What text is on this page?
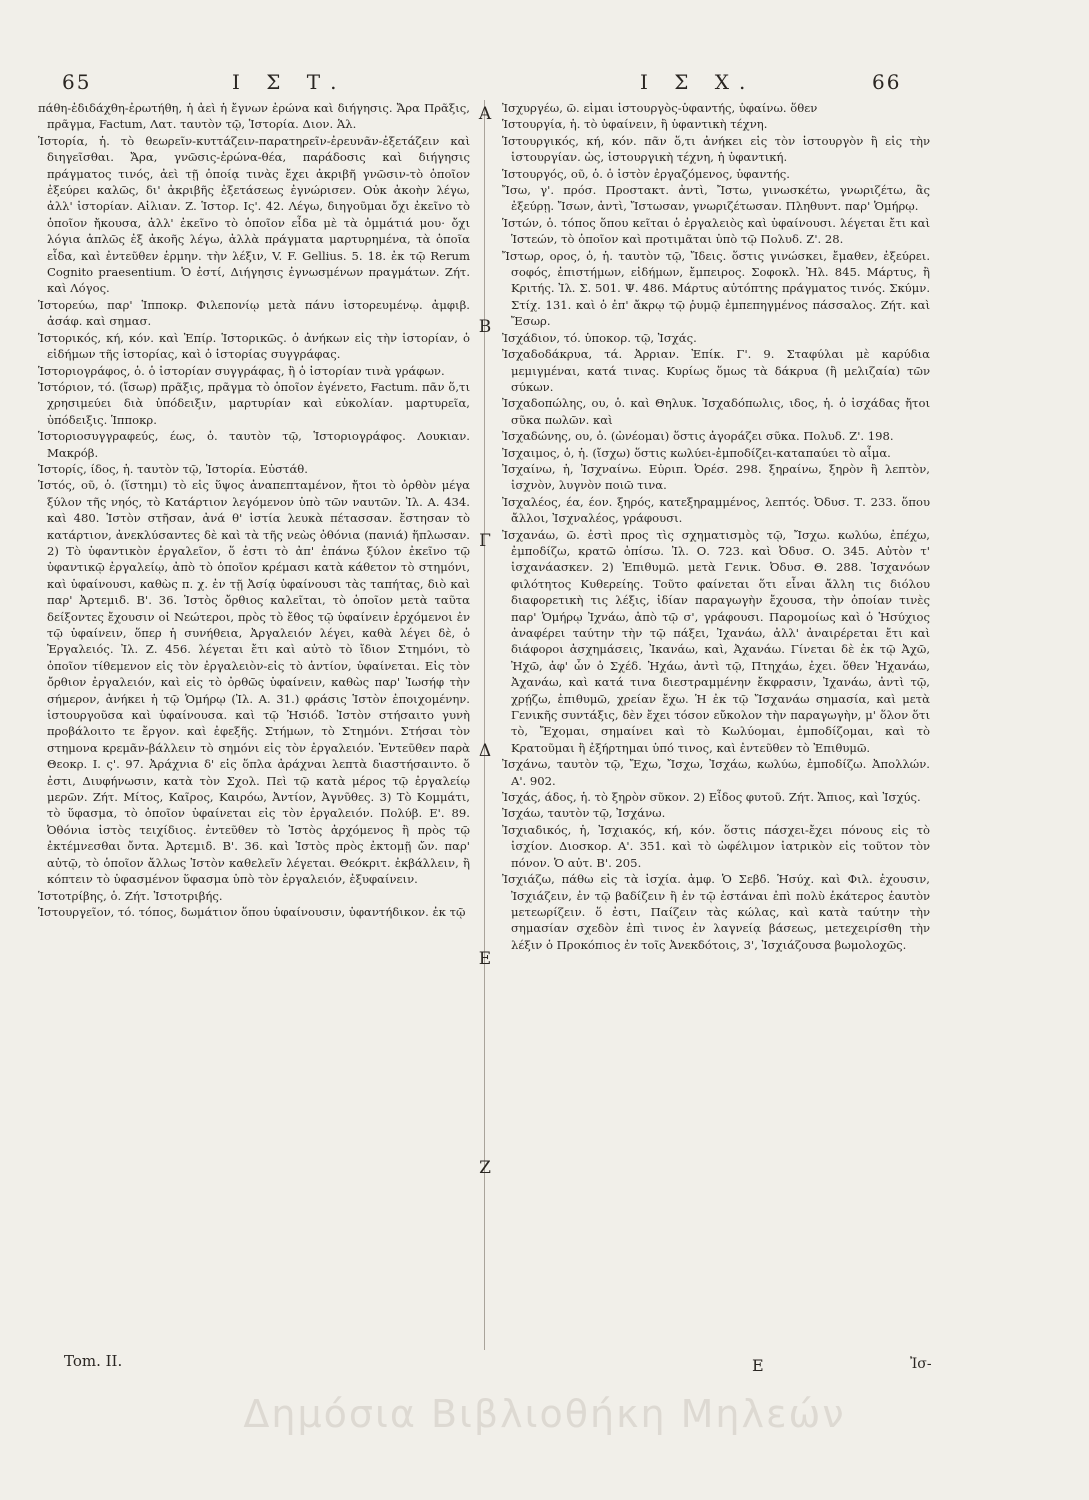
65	Ι Σ Τ.	Ι Σ Χ.	66

πάθη-ἐδιδάχθη-ἐρωτήθη, ἡ ἀεὶ ἡ ἔγνων ἐρώνα καὶ διήγησις. Ἄρα Πρᾶξις, πρᾶγμα, Factum, Λατ. ταυτὸν τῷ, Ἱστορία. Διον. Ἁλ.

Ἱστορία, ἡ. τὸ θεωρεῖν-κυττάζειν-παρατηρεῖν-ἐρευνᾶν-ἐξετάζειν καὶ διηγεῖσθαι. Ἄρα, γνῶσις-ἐρώνα-θέα, παράδοσις καὶ διήγησις πράγματος τινός, ἀεὶ τῇ ὁποίᾳ τινὰς ἔχει ἀκριβῆ γνῶσιν-τὸ ὁποῖον ἐξεύρει καλῶς, δι' ἀκριβῆς ἐξετάσεως ἐγνώρισεν. Οὐκ ἀκοὴν λέγω, ἀλλ' ἱστορίαν. Αἰλιαν. Ζ. Ἱστορ. Ις'. 42. Λέγω, διηγοῦμαι ὄχι ἐκεῖνο τὸ ὁποῖον ἤκουσα, ἀλλ' ἐκεῖνο τὸ ὁποῖον εἶδα μὲ τὰ ὀμμάτιά μου· ὄχι λόγια ἁπλῶς ἐξ ἀκοῆς λέγω, ἀλλὰ πράγματα μαρτυρημένα, τὰ ὁποῖα εἶδα, καὶ ἐντεῦθεν ἑρμην. τὴν λέξιν, V. F. Gellius. 5. 18. ἐκ τῷ Rerum Cognito praesentium. Ὁ ἐστί, Διήγησις ἐγνωσμένων πραγμάτων. Ζήτ. καὶ Λόγος.

Ἱστορεύω, παρ' Ἱπποκρ. Φιλεπονίῳ μετὰ πάνυ ἱστορευμένῳ. ἀμφιβ. ἀσάφ. καὶ σημασ.

Ἱστορικός, κή, κόν. καὶ Ἐπίρ. Ἱστορικῶς. ὁ ἀνήκων εἰς τὴν ἱστορίαν, ὁ εἰδήμων τῆς ἱστορίας, καὶ ὁ ἱστορίας συγγράφας.

Ἱστοριογράφος, ὁ. ὁ ἱστορίαν συγγράφας, ἢ ὁ ἱστορίαν τινὰ γράφων.

Ἱστόριον, τό. (ἴσωρ) πρᾶξις, πρᾶγμα τὸ ὁποῖον ἐγένετο, Factum. πᾶν ὅ,τι χρησιμεύει διὰ ὑπόδειξιν, μαρτυρίαν καὶ εὐκολίαν. μαρτυρεῖα, ὑπόδειξις. Ἱπποκρ.

Ἱστοριοσυγγραφεύς, έως, ὁ. ταυτὸν τῷ, Ἱστοριογράφος. Λουκιαν. Μακρόβ.

Ἱστορίς, ίδος, ἡ. ταυτὸν τῷ, Ἱστορία. Εὐστάθ.

Ἱστός, οῦ, ὁ. (ἵστημι) τὸ εἰς ὕψος ἀναπεπταμένον, ἤτοι τὸ ὀρθὸν μέγα ξύλον τῆς νηός, τὸ Κατάρτιον λεγόμενον ὑπὸ τῶν ναυτῶν. Ἰλ. Α. 434. καὶ 480. Ἱστὸν στῆσαν, ἀνά θ' ἱστία λευκὰ πέτασσαν. ἔστησαν τὸ κατάρτιον, ἀνεκλύσαντες δὲ καὶ τὰ τῆς νεὼς ὀθόνια (πανιά) ἥπλωσαν. 2) Τὸ ὑφαντικὸν ἐργαλεῖον, ὅ ἐστι τὸ ἀπ' ἐπάνω ξύλον ἐκεῖνο τῷ ὑφαντικῷ ἐργαλείῳ, ἀπὸ τὸ ὁποῖον κρέμασι κατὰ κάθετον τὸ στημόνι, καὶ ὑφαίνουσι, καθὼς π. χ. ἐν τῇ Ἀσίᾳ ὑφαίνουσι τὰς ταπήτας, διὸ καὶ παρ' Ἀρτεμιδ. Β'. 36. Ἱστὸς ὄρθιος καλεῖται, τὸ ὁποῖον μετὰ ταῦτα δείξοντες ἔχουσιν οἱ Νεώτεροι, πρὸς τὸ ἔθος τῷ ὑφαίνειν ἐρχόμενοι ἐν τῷ ὑφαίνειν, ὅπερ ἡ συνήθεια, Ἀργαλειόν λέγει, καθὰ λέγει δὲ, ὁ Ἐργαλειός. Ἰλ. Ζ. 456. λέγεται ἔτι καὶ αὐτὸ τὸ ἴδιον Στημόνι, τὸ ὁποῖον τίθεμενον εἰς τὸν ἐργαλειὸν-εἰς τὸ ἀντίον, ὑφαίνεται. Εἰς τὸν ὄρθιον ἐργαλειόν, καὶ εἰς τὸ ὀρθῶς ὑφαίνειν, καθὼς παρ' Ἰωσήφ τὴν σήμερον, ἀνήκει ἡ τῷ Ὁμήρῳ (Ἰλ. Α. 31.) φράσις Ἱστὸν ἐποιχομένην. ἱστουργοῦσα καὶ ὑφαίνουσα. καὶ τῷ Ἡσιόδ. Ἱστὸν στήσαιτο γυνὴ προβάλοιτο τε ἔργον. καὶ ἐφεξῆς. Στήμων, τὸ Στημόνι. Στήσαι τὸν στημονα κρεμᾶν-βάλλειν τὸ σημόνι εἰς τὸν ἐργαλειόν. Ἐντεῦθεν παρὰ Θεοκρ. Ι. ς'. 97. Ἀράχνια δ' εἰς ὅπλα ἀράχναι λεπτὰ διαστήσαιντο. ὅ ἐστι, Διυφήνωσιν, κατὰ τὸν Σχολ. Πεὶ τῷ κατὰ μέρος τῷ ἐργαλείῳ μερῶν. Ζήτ. Μίτος, Καῖρος, Καιρόω, Ἀντίον, Ἀγνῦθες. 3) Τὸ Κομμάτι, τὸ ὕφασμα, τὸ ὁποῖον ὑφαίνεται εἰς τὸν ἐργαλειόν. Πολύβ. Ε'. 89. Ὀθόνια ἱστὸς τειχίδιος. ἐντεῦθεν τὸ Ἱστὸς ἀρχόμενος ἢ πρὸς τῷ ἐκτέμνεσθαι ὄντα. Ἀρτεμιδ. Β'. 36. καὶ Ἱστὸς πρὸς ἐκτομῇ ὤν. παρ' αὐτῷ, τὸ ὁποῖον ἄλλως Ἱστὸν καθελεῖν λέγεται. Θεόκριτ. ἐκβάλλειν, ἢ κόπτειν τὸ ὑφασμένον ὕφασμα ὑπὸ τὸν ἐργαλειόν, ἐξυφαίνειν.

Ἱστοτρίβης, ὁ. Ζήτ. Ἱστοτριβής.

Ἱστουργεῖον, τό. τόπος, δωμάτιον ὅπου ὑφαίνουσιν, ὑφαντήδικον. ἐκ τῷ

Ἰσχυργέω, ῶ. εἰμαι ἱστουργὸς-ὑφαντής, ὑφαίνω. ὅθεν

Ἱστουργία, ἡ. τὸ ὑφαίνειν, ἢ ὑφαντικὴ τέχνη.

Ἱστουργικός, κή, κόν. πᾶν ὅ,τι ἀνήκει εἰς τὸν ἱστουργὸν ἢ εἰς τὴν ἱστουργίαν. ὡς, ἱστουργικὴ τέχνη, ἡ ὑφαντική.

Ἱστουργός, οῦ, ὁ. ὁ ἱστὸν ἐργαζόμενος, ὑφαντής.

Ἴσω, γ'. πρόσ. Προστακτ. ἀντὶ, Ἴστω, γινωσκέτω, γνωριζέτω, ἂς ἐξεύρῃ. Ἴσων, ἀντὶ, Ἴστωσαν, γνωριζέτωσαν. Πληθυντ. παρ' Ὁμήρῳ.

Ἱστών, ὁ. τόπος ὅπου κεῖται ὁ ἐργαλειὸς καὶ ὑφαίνουσι. λέγεται ἔτι καὶ Ἱστεών, τὸ ὁποῖον καὶ προτιμᾶται ὑπὸ τῷ Πολυδ. Ζ'. 28.

Ἴστωρ, ορος, ὁ, ἡ. ταυτὸν τῷ, Ἴδεις. ὅστις γινώσκει, ἔμαθεν, ἐξεύρει. σοφός, ἐπιστήμων, εἰδήμων, ἔμπειρος. Σοφοκλ. Ἠλ. 845. Μάρτυς, ἢ Κριτής. Ἰλ. Σ. 501. Ψ. 486. Μάρτυς αὐτόπτης πράγματος τινός. Σκύμν. Στίχ. 131. καὶ ὁ ἐπ' ἄκρῳ τῷ ῥυμῷ ἐμπεπηγμένος πάσσαλος. Ζήτ. καὶ Ἔσωρ.

Ἰσχάδιον, τό. ὑποκορ. τῷ, Ἰσχάς.

Ἰσχαδοδάκρυα, τά. Ἀρριαν. Ἐπίκ. Γ'. 9. Σταφύλαι μὲ καρύδια μεμιγμέναι, κατά τινας. Κυρίως ὅμως τὰ δάκρυα (ἢ μελιζαία) τῶν σύκων.

Ἰσχαδοπώλης, ου, ὁ. καὶ Θηλυκ. Ἰσχαδόπωλις, ιδος, ἡ. ὁ ἰσχάδας ἤτοι σῦκα πωλῶν. καὶ

Ἰσχαδώνης, ου, ὁ. (ὠνέομαι) ὅστις ἀγοράζει σῦκα. Πολυδ. Ζ'. 198.

Ἰσχαιμος, ὁ, ἡ. (ἴσχω) ὅστις κωλύει-ἐμποδίζει-καταπαύει τὸ αἷμα.

Ἰσχαίνω, ἡ, Ἰσχναίνω. Εὐριπ. Ὀρέσ. 298. ξηραίνω, ξηρὸν ἢ λεπτὸν, ἰσχνὸν, λυγνὸν ποιῶ τινα.

Ἰσχαλέος, έα, έον. ξηρός, κατεξηραμμένος, λεπτός. Ὀδυσ. Τ. 233. ὅπου ἄλλοι, Ἰσχναλέος, γράφουσι.

Ἰσχανάω, ῶ. ἐστὶ προς τὶς σχηματισμὸς τῷ, Ἴσχω. κωλύω, ἐπέχω, ἐμποδίζω, κρατῶ ὀπίσω. Ἰλ. Ο. 723. καὶ Ὀδυσ. Ο. 345. Αὐτὸν τ' ἰσχανάασκεν. 2) Ἐπιθυμῶ. μετὰ Γενικ. Ὀδυσ. Θ. 288. Ἰσχανόων φιλότητος Κυθερείης. Τοῦτο φαίνεται ὅτι εἶναι ἄλλη τις διόλου διαφορετικὴ τις λέξις, ἰδίαν παραγωγὴν ἔχουσα, τὴν ὁποίαν τινὲς παρ' Ὁμήρῳ Ἰχνάω, ἀπὸ τῷ σ', γράφουσι. Παρομοίως καὶ ὁ Ἡσύχιος ἀναφέρει ταύτην τὴν τῷ πάξει, Ἰχανάω, ἀλλ' ἀναιρέρεται ἔτι καὶ διάφοροι ἀσχημάσεις, Ἰκανάω, καὶ, Ἀχανάω. Γίνεται δὲ ἐκ τῷ Ἀχῶ, Ἠχῶ, ἀφ' ὧν ὁ Σχέδ. Ἠχάω, ἀντὶ τῷ, Πτηχάω, ἐχει. ὅθεν Ἠχανάω, Ἀχανάω, καὶ κατά τινα διεστραμμένην ἔκφρασιν, Ἰχανάω, ἀντὶ τῷ, χρῄζω, ἐπιθυμῶ, χρείαν ἔχω. Ἡ ἐκ τῷ Ἴσχανάω σημασία, καὶ μετὰ Γενικῆς συντάξις, δὲν ἔχει τόσον εὔκολον τὴν παραγωγὴν, μ' ὅλον ὅτι τὸ, Ἔχομαι, σημαίνει καὶ τὸ Κωλύομαι, ἐμποδίζομαι, καὶ τὸ Κρατοῦμαι ἢ ἐξήρτημαι ὑπό τινος, καὶ ἐντεῦθεν τὸ Ἐπιθυμῶ.

Ἰσχάνω, ταυτὸν τῷ, Ἔχω, Ἴσχω, Ἰσχάω, κωλύω, ἐμποδίζω. Ἀπολλών. Α'. 902.

Ἰσχάς, άδος, ἡ. τὸ ξηρὸν σῦκον. 2) Εἶδος φυτοῦ. Ζήτ. Ἄπιος, καὶ Ἰσχύς.

Ἰσχάω, ταυτὸν τῷ, Ἰσχάνω.

Ἰσχιαδικός, ἡ, Ἰσχιακός, κή, κόν. ὅστις πάσχει-ἔχει πόνους εἰς τὸ ἰσχίον. Διοσκορ. Α'. 351. καὶ τὸ ὠφέλιμον ἰατρικὸν εἰς τοῦτον τὸν πόνον. Ὁ αὐτ. Β'. 205.

Ἰσχιάζω, πάθω εἰς τὰ ἰσχία. ἀμφ. Ὁ Σεβδ. Ἡσύχ. καὶ Φιλ. ἐχουσιν, Ἰσχιάζειν, ἐν τῷ βαδίζειν ἢ ἐν τῷ ἑστάναι ἐπὶ πολὺ ἑκάτερος ἑαυτὸν μετεωρίζειν. ὅ ἐστι, Παίζειν τὰς κώλας, καὶ κατὰ ταύτην τὴν σημασίαν σχεδὸν ἐπὶ τινος ἐν λαγνείᾳ βάσεως, μετεχειρίσθη τὴν λέξιν ὁ Προκόπιος ἐν τοῖς Ἀνεκδότοις, 3', Ἰσχιάζουσα βωμολοχῶς.

Α
Β
Γ
Δ
Ε
Ζ
Tom. II.	E	Ἰσ-
Δημόσια Βιβλιοθήκη Μηλεών
